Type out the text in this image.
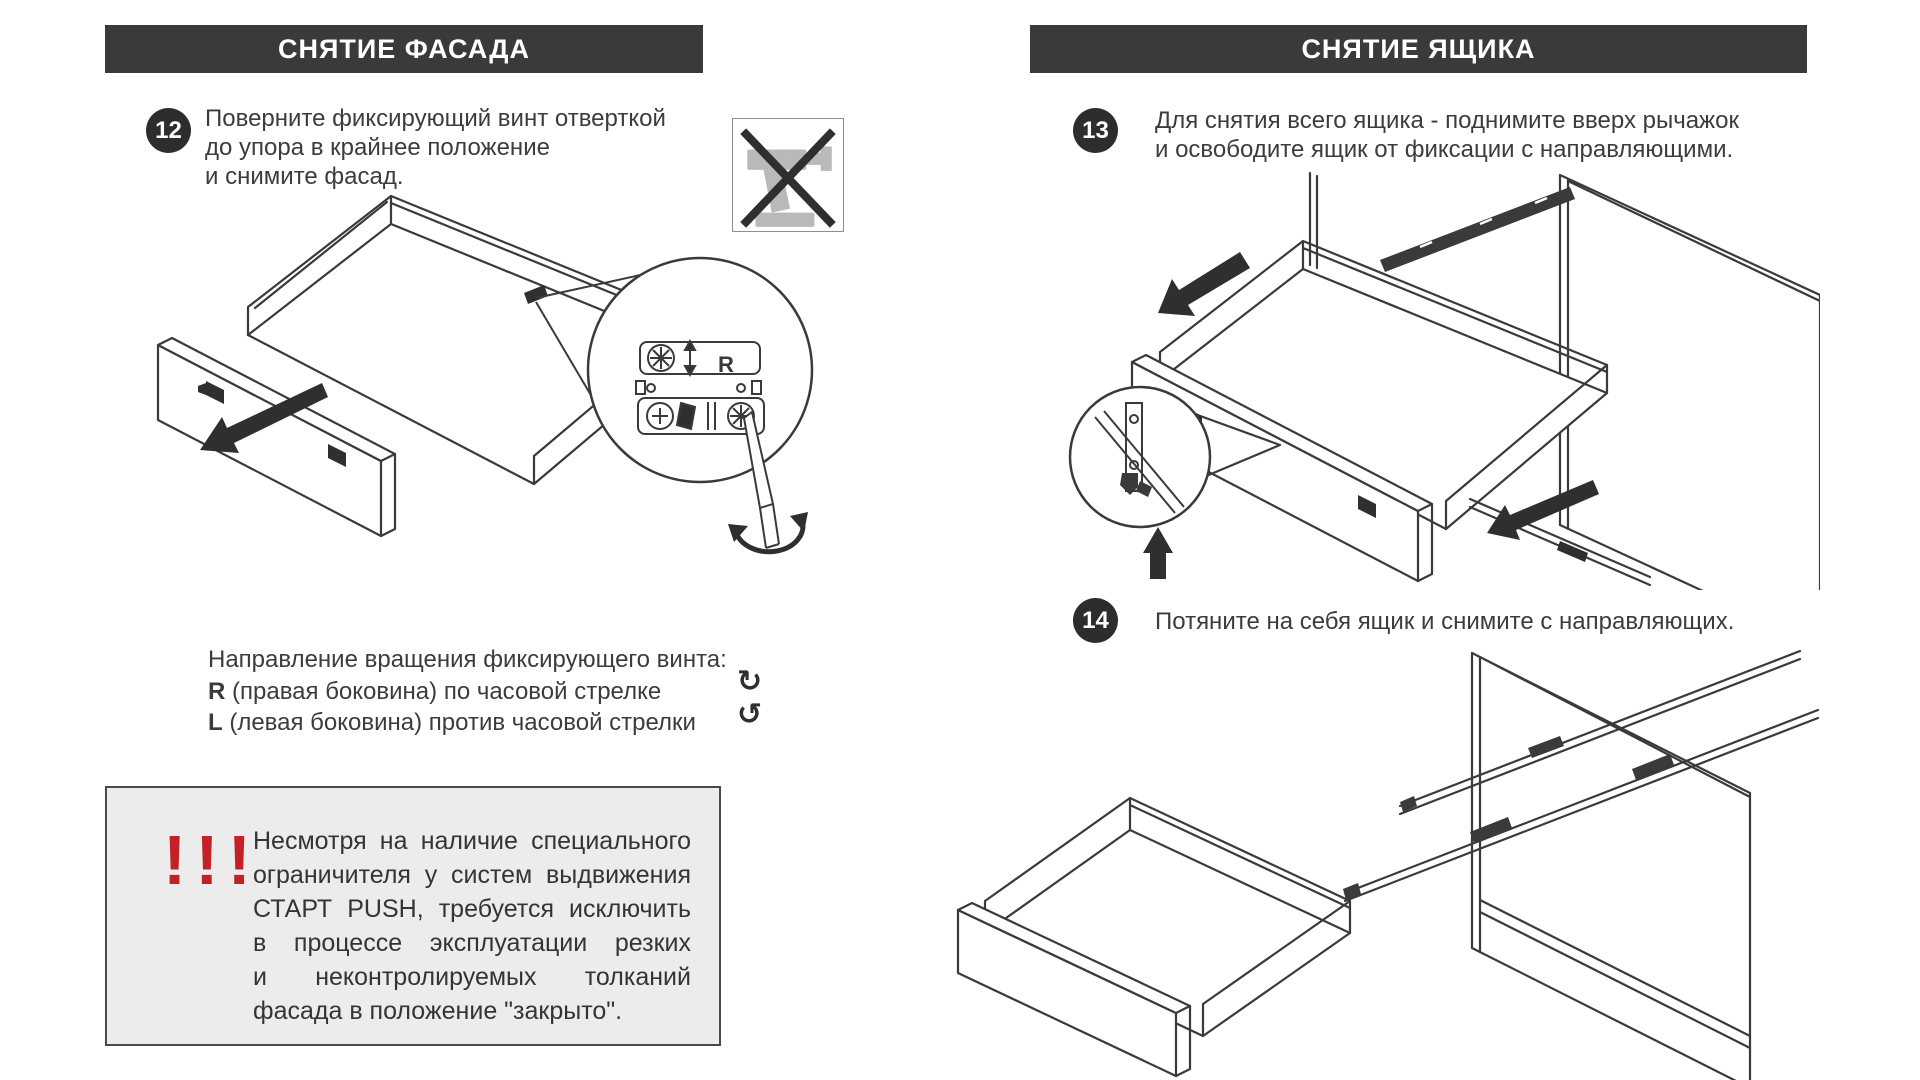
СНЯТИЕ ФАСАДА
12 Поверните фиксирующий винт отверткой
до упора в крайнее положение
и снимите фасад.
R
Направление вращения фиксирующего винта:
R (правая боковина) по часовой стрелке
L (левая боковина) против часовой стрелки
↻
↺
!!!
Несмотря на наличие специального
ограничителя у систем выдвижения
СТАРТ PUSH, требуется исключить
в процессе эксплуатации резких
и неконтролируемых толканий
фасада в положение "закрыто".
СНЯТИЕ ЯЩИКА
13 Для снятия всего ящика - поднимите вверх рычажок
и освободите ящик от фиксации с направляющими.
14 Потяните на себя ящик и снимите с направляющих.
